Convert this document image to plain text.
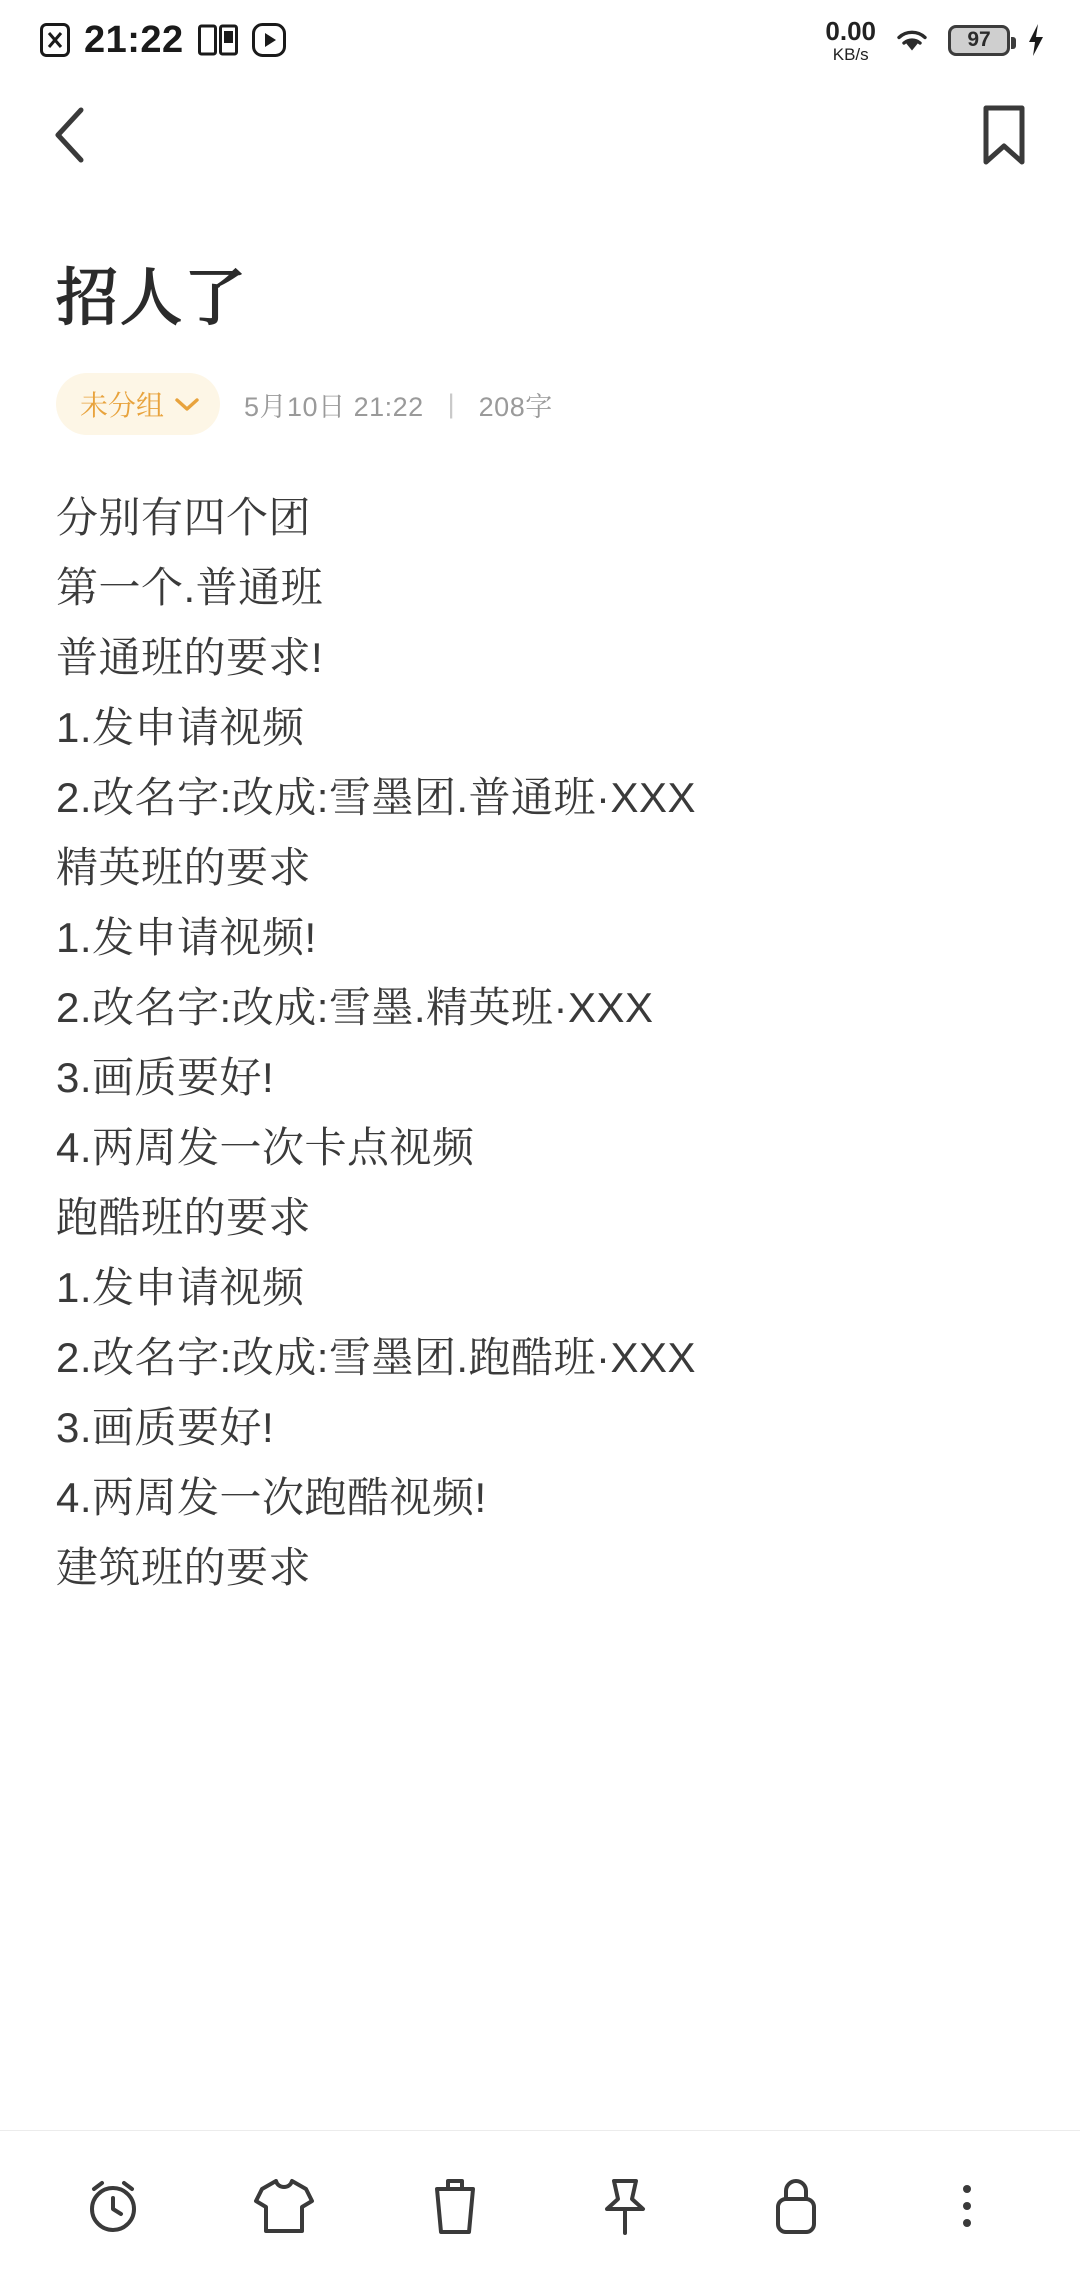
21:22	0.00
KB/s
97
招人了
未分组	5月10日 21:22 | 208字
分别有四个团
第一个.普通班
普通班的要求!
1.发申请视频
2.改名字:改成:雪墨团.普通班·XXX
精英班的要求
1.发申请视频!
2.改名字:改成:雪墨.精英班·XXX
3.画质要好!
4.两周发一次卡点视频
跑酷班的要求
1.发申请视频
2.改名字:改成:雪墨团.跑酷班·XXX
3.画质要好!
4.两周发一次跑酷视频!
建筑班的要求
